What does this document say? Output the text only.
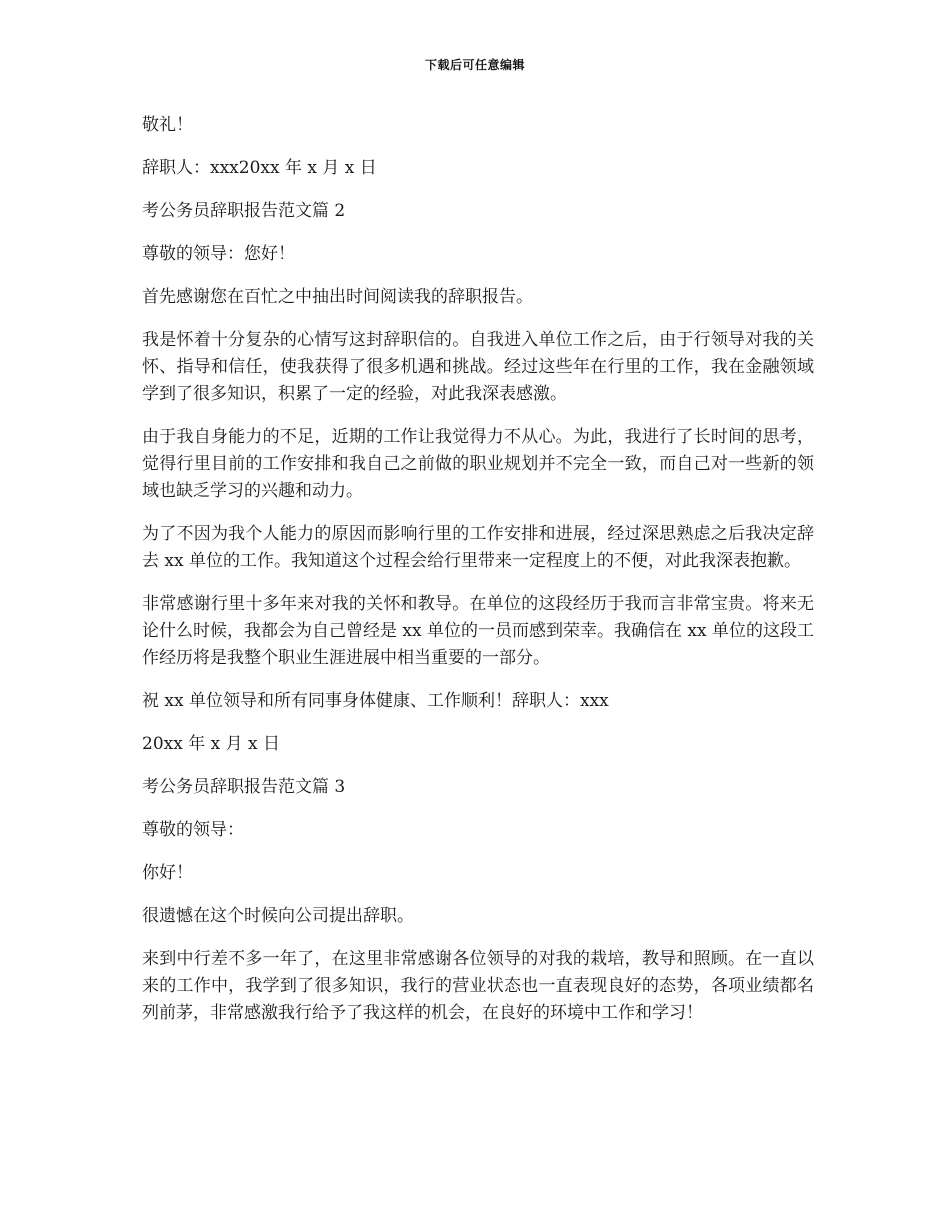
下载后可任意编辑

敬礼！

辞职人：xxx20xx 年 x 月 x 日

考公务员辞职报告范文篇 2

尊敬的领导：您好！

首先感谢您在百忙之中抽出时间阅读我的辞职报告。

我是怀着十分复杂的心情写这封辞职信的。自我进入单位工作之后，由于行领导对我的关怀、指导和信任，使我获得了很多机遇和挑战。经过这些年在行里的工作，我在金融领域学到了很多知识，积累了一定的经验，对此我深表感激。

由于我自身能力的不足，近期的工作让我觉得力不从心。为此，我进行了长时间的思考，觉得行里目前的工作安排和我自己之前做的职业规划并不完全一致，而自己对一些新的领域也缺乏学习的兴趣和动力。

为了不因为我个人能力的原因而影响行里的工作安排和进展，经过深思熟虑之后我决定辞去 xx 单位的工作。我知道这个过程会给行里带来一定程度上的不便，对此我深表抱歉。

非常感谢行里十多年来对我的关怀和教导。在单位的这段经历于我而言非常宝贵。将来无论什么时候，我都会为自己曾经是 xx 单位的一员而感到荣幸。我确信在 xx 单位的这段工作经历将是我整个职业生涯进展中相当重要的一部分。

祝 xx 单位领导和所有同事身体健康、工作顺利！辞职人：xxx

20xx 年 x 月 x 日

考公务员辞职报告范文篇 3

尊敬的领导：

你好！

很遗憾在这个时候向公司提出辞职。

来到中行差不多一年了，在这里非常感谢各位领导的对我的栽培，教导和照顾。在一直以来的工作中，我学到了很多知识，我行的营业状态也一直表现良好的态势，各项业绩都名列前茅，非常感激我行给予了我这样的机会，在良好的环境中工作和学习！
